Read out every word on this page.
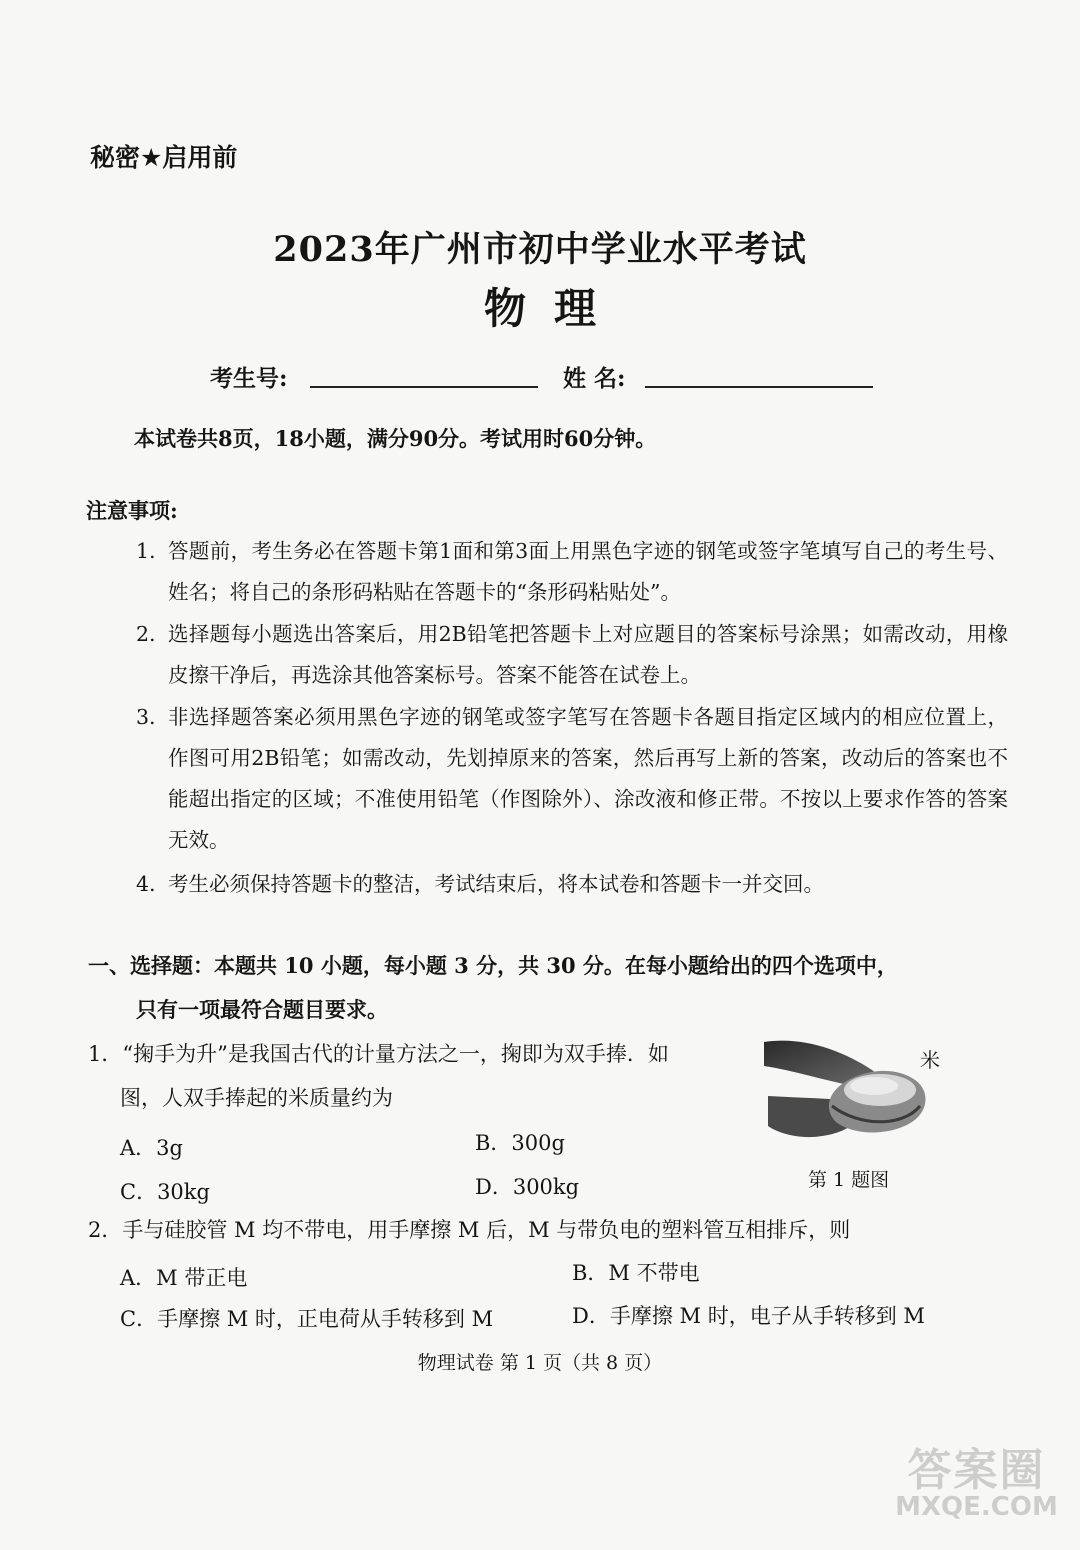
秘密★启用前
2023年广州市初中学业水平考试
物理
考生号:	姓 名:
本试卷共8页，18小题，满分90分。考试用时60分钟。
注意事项:
1. 答题前，考生务必在答题卡第1面和第3面上用黑色字迹的钢笔或签字笔填写自己的考生号、姓名；将自己的条形码粘贴在答题卡的“条形码粘贴处”。
2. 选择题每小题选出答案后，用2B铅笔把答题卡上对应题目的答案标号涂黑；如需改动，用橡皮擦干净后，再选涂其他答案标号。答案不能答在试卷上。
3. 非选择题答案必须用黑色字迹的钢笔或签字笔写在答题卡各题目指定区域内的相应位置上，作图可用2B铅笔；如需改动，先划掉原来的答案，然后再写上新的答案，改动后的答案也不能超出指定的区域；不准使用铅笔（作图除外）、涂改液和修正带。不按以上要求作答的答案无效。
4. 考生必须保持答题卡的整洁，考试结束后，将本试卷和答题卡一并交回。
一、选择题：本题共 10 小题，每小题 3 分，共 30 分。在每小题给出的四个选项中，
只有一项最符合题目要求。
1．“掬手为升”是我国古代的计量方法之一，掬即为双手捧．如
图，人双手捧起的米质量约为
A．3g	B．300g
C．30kg	D．300kg
米
第 1 题图
2．手与硅胶管 M 均不带电，用手摩擦 M 后，M 与带负电的塑料管互相排斥，则
A．M 带正电	B．M 不带电
C．手摩擦 M 时，正电荷从手转移到 M	D．手摩擦 M 时，电子从手转移到 M
物理试卷 第 1 页（共 8 页）
答案圈
MXQE.COM
